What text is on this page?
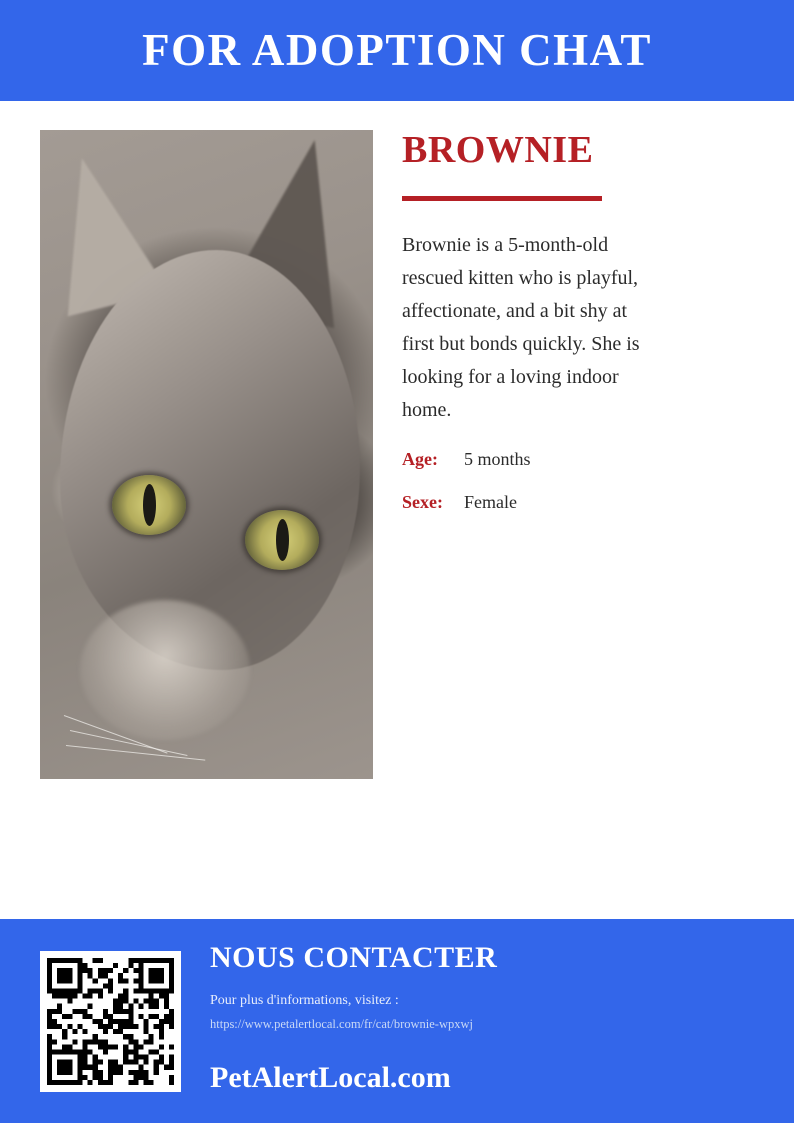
FOR ADOPTION CHAT
BROWNIE
Brownie is a 5-month-old rescued kitten who is playful, affectionate, and a bit shy at first but bonds quickly. She is looking for a loving indoor home.
Age:	5 months
Sexe:	Female
NOUS CONTACTER
Pour plus d'informations, visitez :
https://www.petalertlocal.com/fr/cat/brownie-wpxwj
PetAlertLocal.com
